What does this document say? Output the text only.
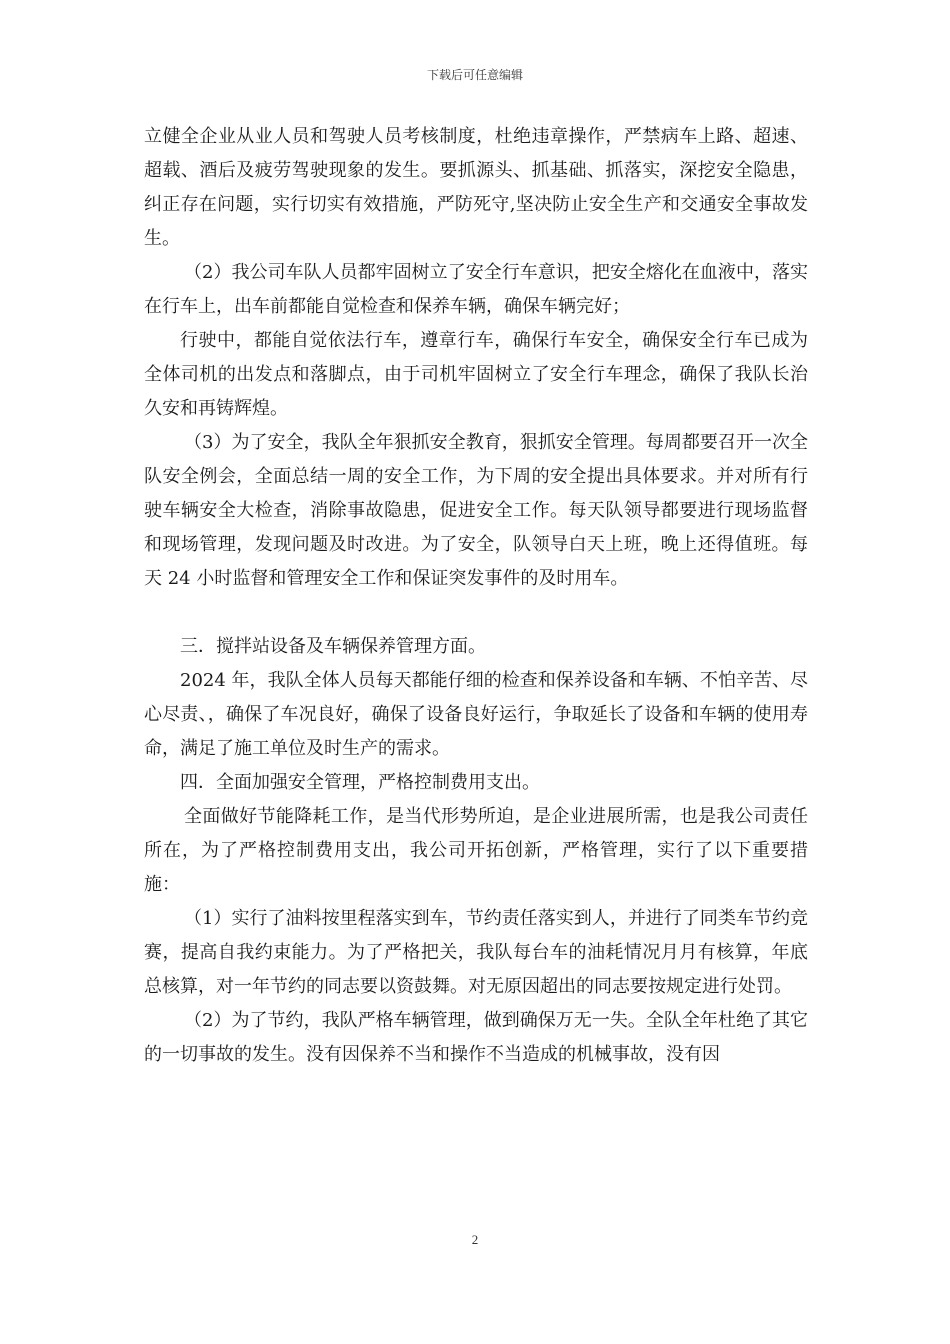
下载后可任意编辑

立健全企业从业人员和驾驶人员考核制度，杜绝违章操作，严禁病车上路、超速、超载、酒后及疲劳驾驶现象的发生。要抓源头、抓基础、抓落实，深挖安全隐患，纠正存在问题，实行切实有效措施，严防死守,坚决防止安全生产和交通安全事故发生。

（2）我公司车队人员都牢固树立了安全行车意识，把安全熔化在血液中，落实在行车上，出车前都能自觉检查和保养车辆，确保车辆完好；

行驶中，都能自觉依法行车，遵章行车，确保行车安全，确保安全行车已成为全体司机的出发点和落脚点，由于司机牢固树立了安全行车理念，确保了我队长治久安和再铸辉煌。

（3）为了安全，我队全年狠抓安全教育，狠抓安全管理。每周都要召开一次全队安全例会，全面总结一周的安全工作，为下周的安全提出具体要求。并对所有行驶车辆安全大检查，消除事故隐患，促进安全工作。每天队领导都要进行现场监督和现场管理，发现问题及时改进。为了安全，队领导白天上班，晚上还得值班。每天 24 小时监督和管理安全工作和保证突发事件的及时用车。

三．搅拌站设备及车辆保养管理方面。

2024 年，我队全体人员每天都能仔细的检查和保养设备和车辆、不怕辛苦、尽心尽责、，确保了车况良好，确保了设备良好运行，争取延长了设备和车辆的使用寿命，满足了施工单位及时生产的需求。

四．全面加强安全管理，严格控制费用支出。

全面做好节能降耗工作，是当代形势所迫，是企业进展所需，也是我公司责任所在，为了严格控制费用支出，我公司开拓创新，严格管理，实行了以下重要措施：

（1）实行了油料按里程落实到车，节约责任落实到人，并进行了同类车节约竞赛，提高自我约束能力。为了严格把关，我队每台车的油耗情况月月有核算，年底总核算，对一年节约的同志要以资鼓舞。对无原因超出的同志要按规定进行处罚。

（2）为了节约，我队严格车辆管理，做到确保万无一失。全队全年杜绝了其它的一切事故的发生。没有因保养不当和操作不当造成的机械事故，没有因

2
